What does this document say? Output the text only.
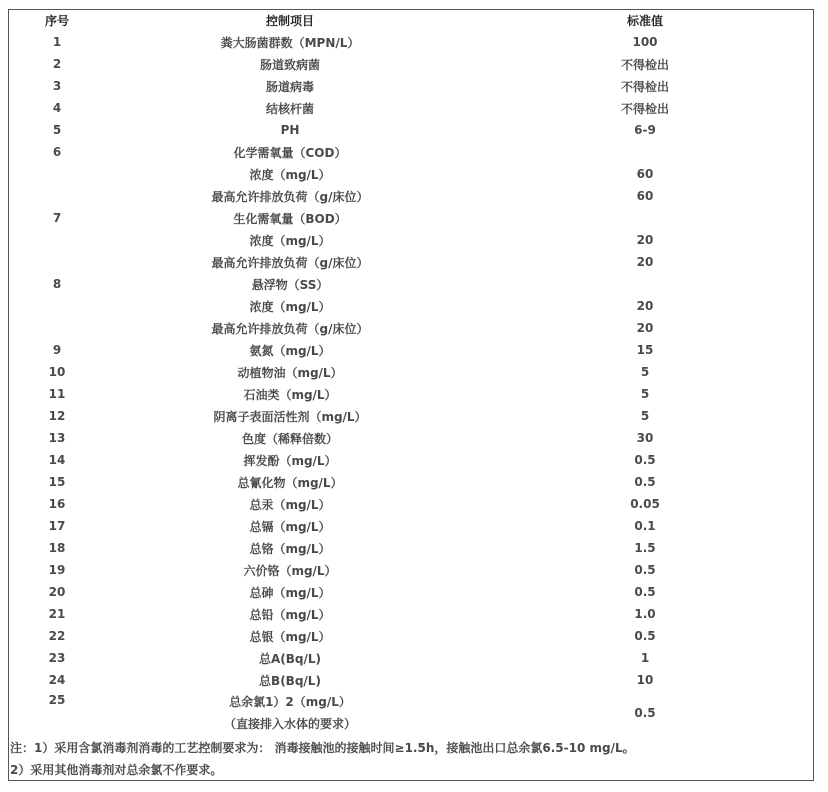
序号	控制项目	标准值
1	粪大肠菌群数（MPN/L）	100
2	肠道致病菌	不得检出
3	肠道病毒	不得检出
4	结核杆菌	不得检出
5	PH	6-9
6	化学需氧量（COD）	
	浓度（mg/L）	60
	最高允许排放负荷（g/床位）	60
7	生化需氧量（BOD）	
	浓度（mg/L）	20
	最高允许排放负荷（g/床位）	20
8	悬浮物（SS）	
	浓度（mg/L）	20
	最高允许排放负荷（g/床位）	20
9	氨氮（mg/L）	15
10	动植物油（mg/L）	5
11	石油类（mg/L）	5
12	阴离子表面活性剂（mg/L）	5
13	色度（稀释倍数）	30
14	挥发酚（mg/L）	0.5
15	总氰化物（mg/L）	0.5
16	总汞（mg/L）	0.05
17	总镉（mg/L）	0.1
18	总铬（mg/L）	1.5
19	六价铬（mg/L）	0.5
20	总砷（mg/L）	0.5
21	总铅（mg/L）	1.0
22	总银（mg/L）	0.5
23	总A(Bq/L)	1
24	总B(Bq/L)	10
25	总余氯1）2（mg/L）
（直接排入水体的要求）	0.5
注：1）采用含氯消毒剂消毒的工艺控制要求为： 消毒接触池的接触时间≥1.5h，接触池出口总余氯6.5-10 mg/L。
2）采用其他消毒剂对总余氯不作要求。
